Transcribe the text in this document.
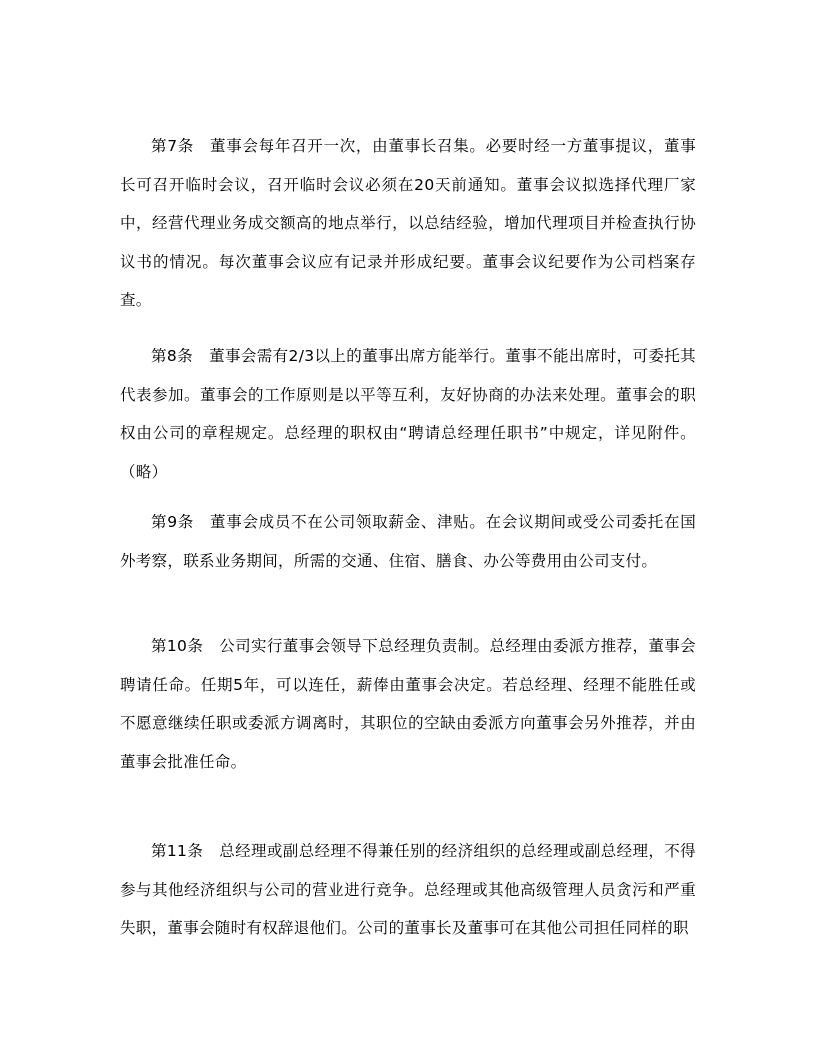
第7条 董事会每年召开一次，由董事长召集。必要时经一方董事提议，董事长可召开临时会议，召开临时会议必须在20天前通知。董事会议拟选择代理厂家中，经营代理业务成交额高的地点举行，以总结经验，增加代理项目并检查执行协议书的情况。每次董事会议应有记录并形成纪要。董事会议纪要作为公司档案存查。

第8条 董事会需有2/3以上的董事出席方能举行。董事不能出席时，可委托其代表参加。董事会的工作原则是以平等互利，友好协商的办法来处理。董事会的职权由公司的章程规定。总经理的职权由“聘请总经理任职书”中规定，详见附件。（略）

第9条 董事会成员不在公司领取薪金、津贴。在会议期间或受公司委托在国外考察，联系业务期间，所需的交通、住宿、膳食、办公等费用由公司支付。

第10条 公司实行董事会领导下总经理负责制。总经理由委派方推荐，董事会聘请任命。任期5年，可以连任，薪俸由董事会决定。若总经理、经理不能胜任或不愿意继续任职或委派方调离时，其职位的空缺由委派方向董事会另外推荐，并由董事会批准任命。

第11条 总经理或副总经理不得兼任别的经济组织的总经理或副总经理，不得参与其他经济组织与公司的营业进行竞争。总经理或其他高级管理人员贪污和严重失职，董事会随时有权辞退他们。公司的董事长及董事可在其他公司担任同样的职
